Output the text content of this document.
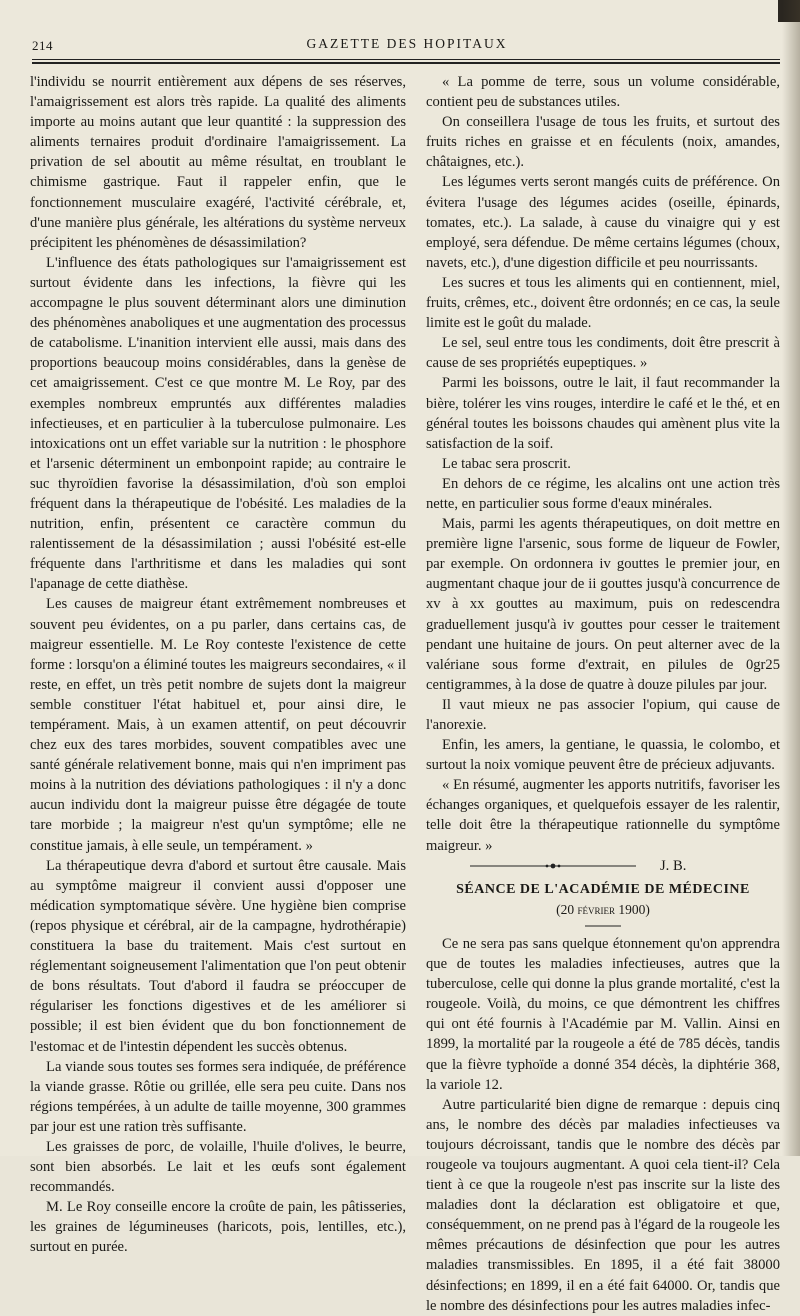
214	GAZETTE DES HOPITAUX

l'individu se nourrit entièrement aux dépens de ses réserves, l'amaigrissement est alors très rapide. La qualité des aliments importe au moins autant que leur quantité : la suppression des aliments ternaires produit d'ordinaire l'amaigrissement. La privation de sel aboutit au même résultat, en troublant le chimisme gastrique. Faut il rappeler enfin, que le fonctionnement musculaire exagéré, l'activité cérébrale, et, d'une manière plus générale, les altérations du système nerveux précipitent les phénomènes de désassimilation?

L'influence des états pathologiques sur l'amaigrissement est surtout évidente dans les infections, la fièvre qui les accompagne le plus souvent déterminant alors une diminution des phénomènes anaboliques et une augmentation des processus de catabolisme. L'inanition intervient elle aussi, mais dans des proportions beaucoup moins considérables, dans la genèse de cet amaigrissement. C'est ce que montre M. Le Roy, par des exemples nombreux empruntés aux différentes maladies infectieuses, et en particulier à la tuberculose pulmonaire. Les intoxications ont un effet variable sur la nutrition : le phosphore et l'arsenic déterminent un embonpoint rapide; au contraire le suc thyroïdien favorise la désassimilation, d'où son emploi fréquent dans la thérapeutique de l'obésité. Les maladies de la nutrition, enfin, présentent ce caractère commun du ralentissement de la désassimilation ; aussi l'obésité est-elle fréquente dans l'arthritisme et dans les maladies qui sont l'apanage de cette diathèse.

Les causes de maigreur étant extrêmement nombreuses et souvent peu évidentes, on a pu parler, dans certains cas, de maigreur essentielle. M. Le Roy conteste l'existence de cette forme : lorsqu'on a éliminé toutes les maigreurs secondaires, « il reste, en effet, un très petit nombre de sujets dont la maigreur semble constituer l'état habituel et, pour ainsi dire, le tempérament. Mais, à un examen attentif, on peut découvrir chez eux des tares morbides, souvent compatibles avec une santé générale relativement bonne, mais qui n'en impriment pas moins à la nutrition des déviations pathologiques : il n'y a donc aucun individu dont la maigreur puisse être dégagée de toute tare morbide ; la maigreur n'est qu'un symptôme; elle ne constitue jamais, à elle seule, un tempérament. »

La thérapeutique devra d'abord et surtout être causale. Mais au symptôme maigreur il convient aussi d'opposer une médication symptomatique sévère. Une hygiène bien comprise (repos physique et cérébral, air de la campagne, hydrothérapie) constituera la base du traitement. Mais c'est surtout en réglementant soigneusement l'alimentation que l'on peut obtenir de bons résultats. Tout d'abord il faudra se préoccuper de régulariser les fonctions digestives et de les améliorer si possible; il est bien évident que du bon fonctionnement de l'estomac et de l'intestin dépendent les succès obtenus.

La viande sous toutes ses formes sera indiquée, de préférence la viande grasse. Rôtie ou grillée, elle sera peu cuite. Dans nos régions tempérées, à un adulte de taille moyenne, 300 grammes par jour est une ration très suffisante.

Les graisses de porc, de volaille, l'huile d'olives, le beurre, sont bien absorbés. Le lait et les œufs sont également recommandés.

M. Le Roy conseille encore la croûte de pain, les pâtisseries, les graines de légumineuses (haricots, pois, lentilles, etc.), surtout en purée.

« La pomme de terre, sous un volume considérable, contient peu de substances utiles.

On conseillera l'usage de tous les fruits, et surtout des fruits riches en graisse et en féculents (noix, amandes, châtaignes, etc.).

Les légumes verts seront mangés cuits de préférence. On évitera l'usage des légumes acides (oseille, épinards, tomates, etc.). La salade, à cause du vinaigre qui y est employé, sera défendue. De même certains légumes (choux, navets, etc.), d'une digestion difficile et peu nourrissants.

Les sucres et tous les aliments qui en contiennent, miel, fruits, crêmes, etc., doivent être ordonnés; en ce cas, la seule limite est le goût du malade.

Le sel, seul entre tous les condiments, doit être prescrit à cause de ses propriétés eupeptiques. »

Parmi les boissons, outre le lait, il faut recommander la bière, tolérer les vins rouges, interdire le café et le thé, et en général toutes les boissons chaudes qui amènent plus vite la satisfaction de la soif.

Le tabac sera proscrit.

En dehors de ce régime, les alcalins ont une action très nette, en particulier sous forme d'eaux minérales.

Mais, parmi les agents thérapeutiques, on doit mettre en première ligne l'arsenic, sous forme de liqueur de Fowler, par exemple. On ordonnera iv gouttes le premier jour, en augmentant chaque jour de ii gouttes jusqu'à concurrence de xv à xx gouttes au maximum, puis on redescendra graduellement jusqu'à iv gouttes pour cesser le traitement pendant une huitaine de jours. On peut alterner avec de la valériane sous forme d'extrait, en pilules de 0gr25 centigrammes, à la dose de quatre à douze pilules par jour.

Il vaut mieux ne pas associer l'opium, qui cause de l'anorexie.

Enfin, les amers, la gentiane, le quassia, le colombo, et surtout la noix vomique peuvent être de précieux adjuvants.

« En résumé, augmenter les apports nutritifs, favoriser les échanges organiques, et quelquefois essayer de les ralentir, telle doit être la thérapeutique rationnelle du symptôme maigreur. »

J. B.
SÉANCE DE L'ACADÉMIE DE MÉDECINE
(20 février 1900)

Ce ne sera pas sans quelque étonnement qu'on apprendra que de toutes les maladies infectieuses, autres que la tuberculose, celle qui donne la plus grande mortalité, c'est la rougeole. Voilà, du moins, ce que démontrent les chiffres qui ont été fournis à l'Académie par M. Vallin. Ainsi en 1899, la mortalité par la rougeole a été de 785 décès, tandis que la fièvre typhoïde a donné 354 décès, la diphtérie 368, la variole 12.

Autre particularité bien digne de remarque : depuis cinq ans, le nombre des décès par maladies infectieuses va toujours décroissant, tandis que le nombre des décès par rougeole va toujours augmentant. A quoi cela tient-il? Cela tient à ce que la rougeole n'est pas inscrite sur la liste des maladies dont la déclaration est obligatoire et que, conséquemment, on ne prend pas à l'égard de la rougeole les mêmes précautions de désinfection que pour les autres maladies transmissibles. En 1895, il a été fait 38000 désinfections; en 1899, il en a été fait 64000. Or, tandis que le nombre des désinfections pour les autres maladies infec-
